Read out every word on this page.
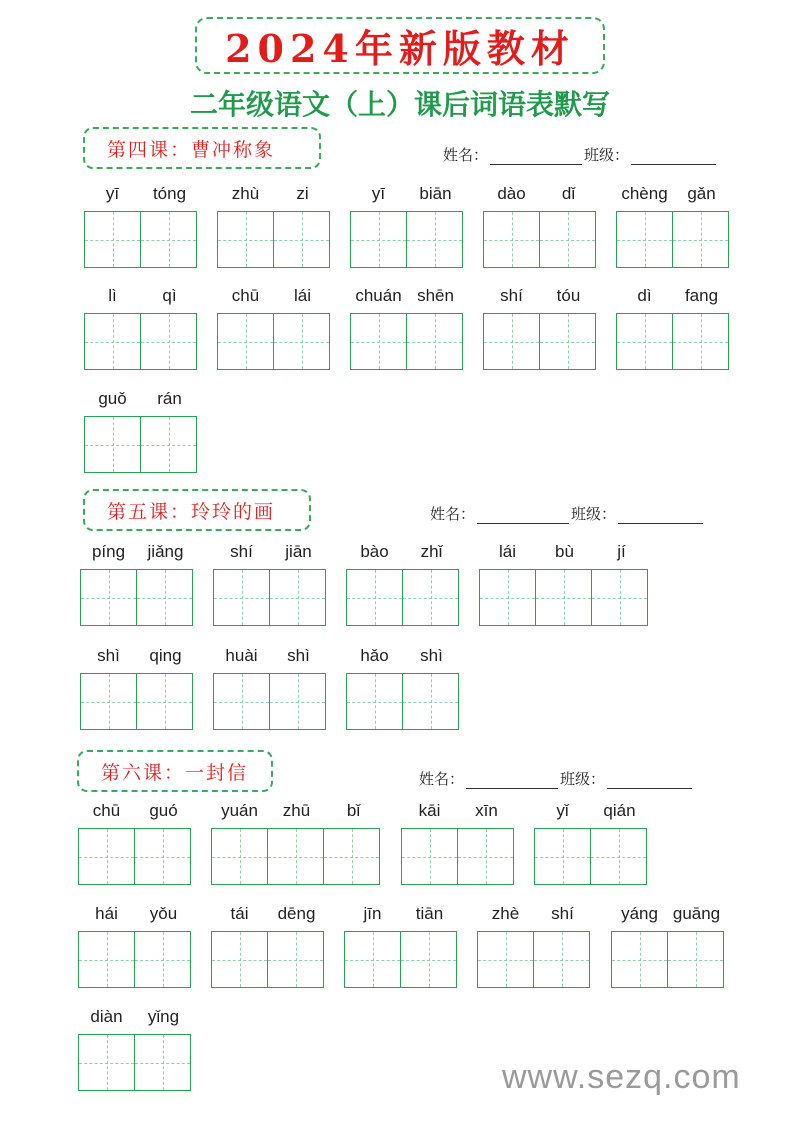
2024年新版教材
二年级语文（上）课后词语表默写
第四课：曹冲称象	姓名：	班级：
yī	tóng	zhù	zi	yī	biān	dào	dǐ	chèng	gǎn
lì	qì	chū	lái	chuán shēn	shí	tóu	dì	fang
guǒ	rán
第五课：玲玲的画	姓名：	班级：
píng	jiǎng	shí	jiān	bào	zhǐ	lái	bù	jí
shì	qing	huài	shì	hǎo	shì
第六课：一封信	姓名：	班级：
chū	guó	yuán	zhū	bǐ	kāi	xīn	yǐ	qián
hái	yǒu	tái	dēng	jīn	tiān	zhè	shí	yáng guāng
diàn	yǐng
www.sezq.com
